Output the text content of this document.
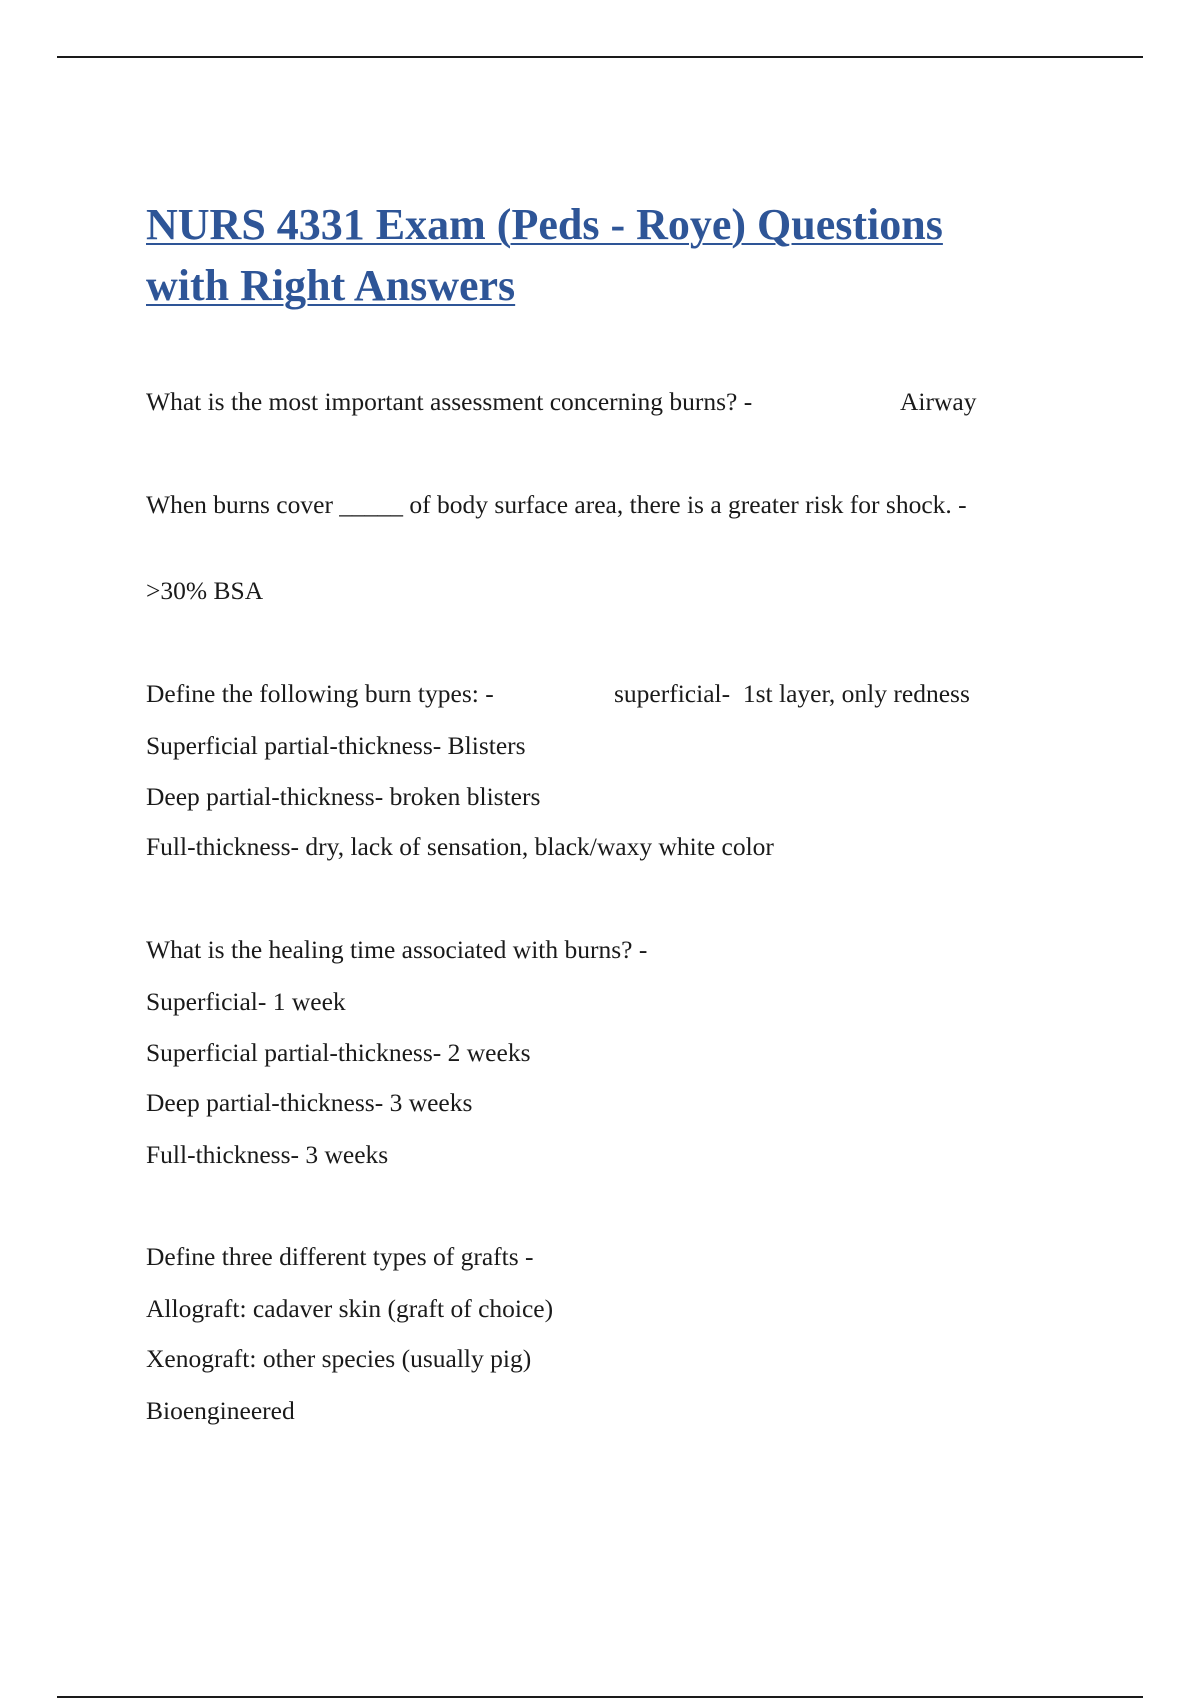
NURS 4331 Exam (Peds - Roye) Questions
with Right Answers

What is the most important assessment concerning burns? -	Airway

When burns cover _____ of body surface area, there is a greater risk for shock. -

>30% BSA

Define the following burn types: -	superficial-  1st layer, only redness

Superficial partial-thickness- Blisters

Deep partial-thickness- broken blisters

Full-thickness- dry, lack of sensation, black/waxy white color

What is the healing time associated with burns? -

Superficial- 1 week

Superficial partial-thickness- 2 weeks

Deep partial-thickness- 3 weeks

Full-thickness- 3 weeks

Define three different types of grafts -

Allograft: cadaver skin (graft of choice)

Xenograft: other species (usually pig)

Bioengineered
